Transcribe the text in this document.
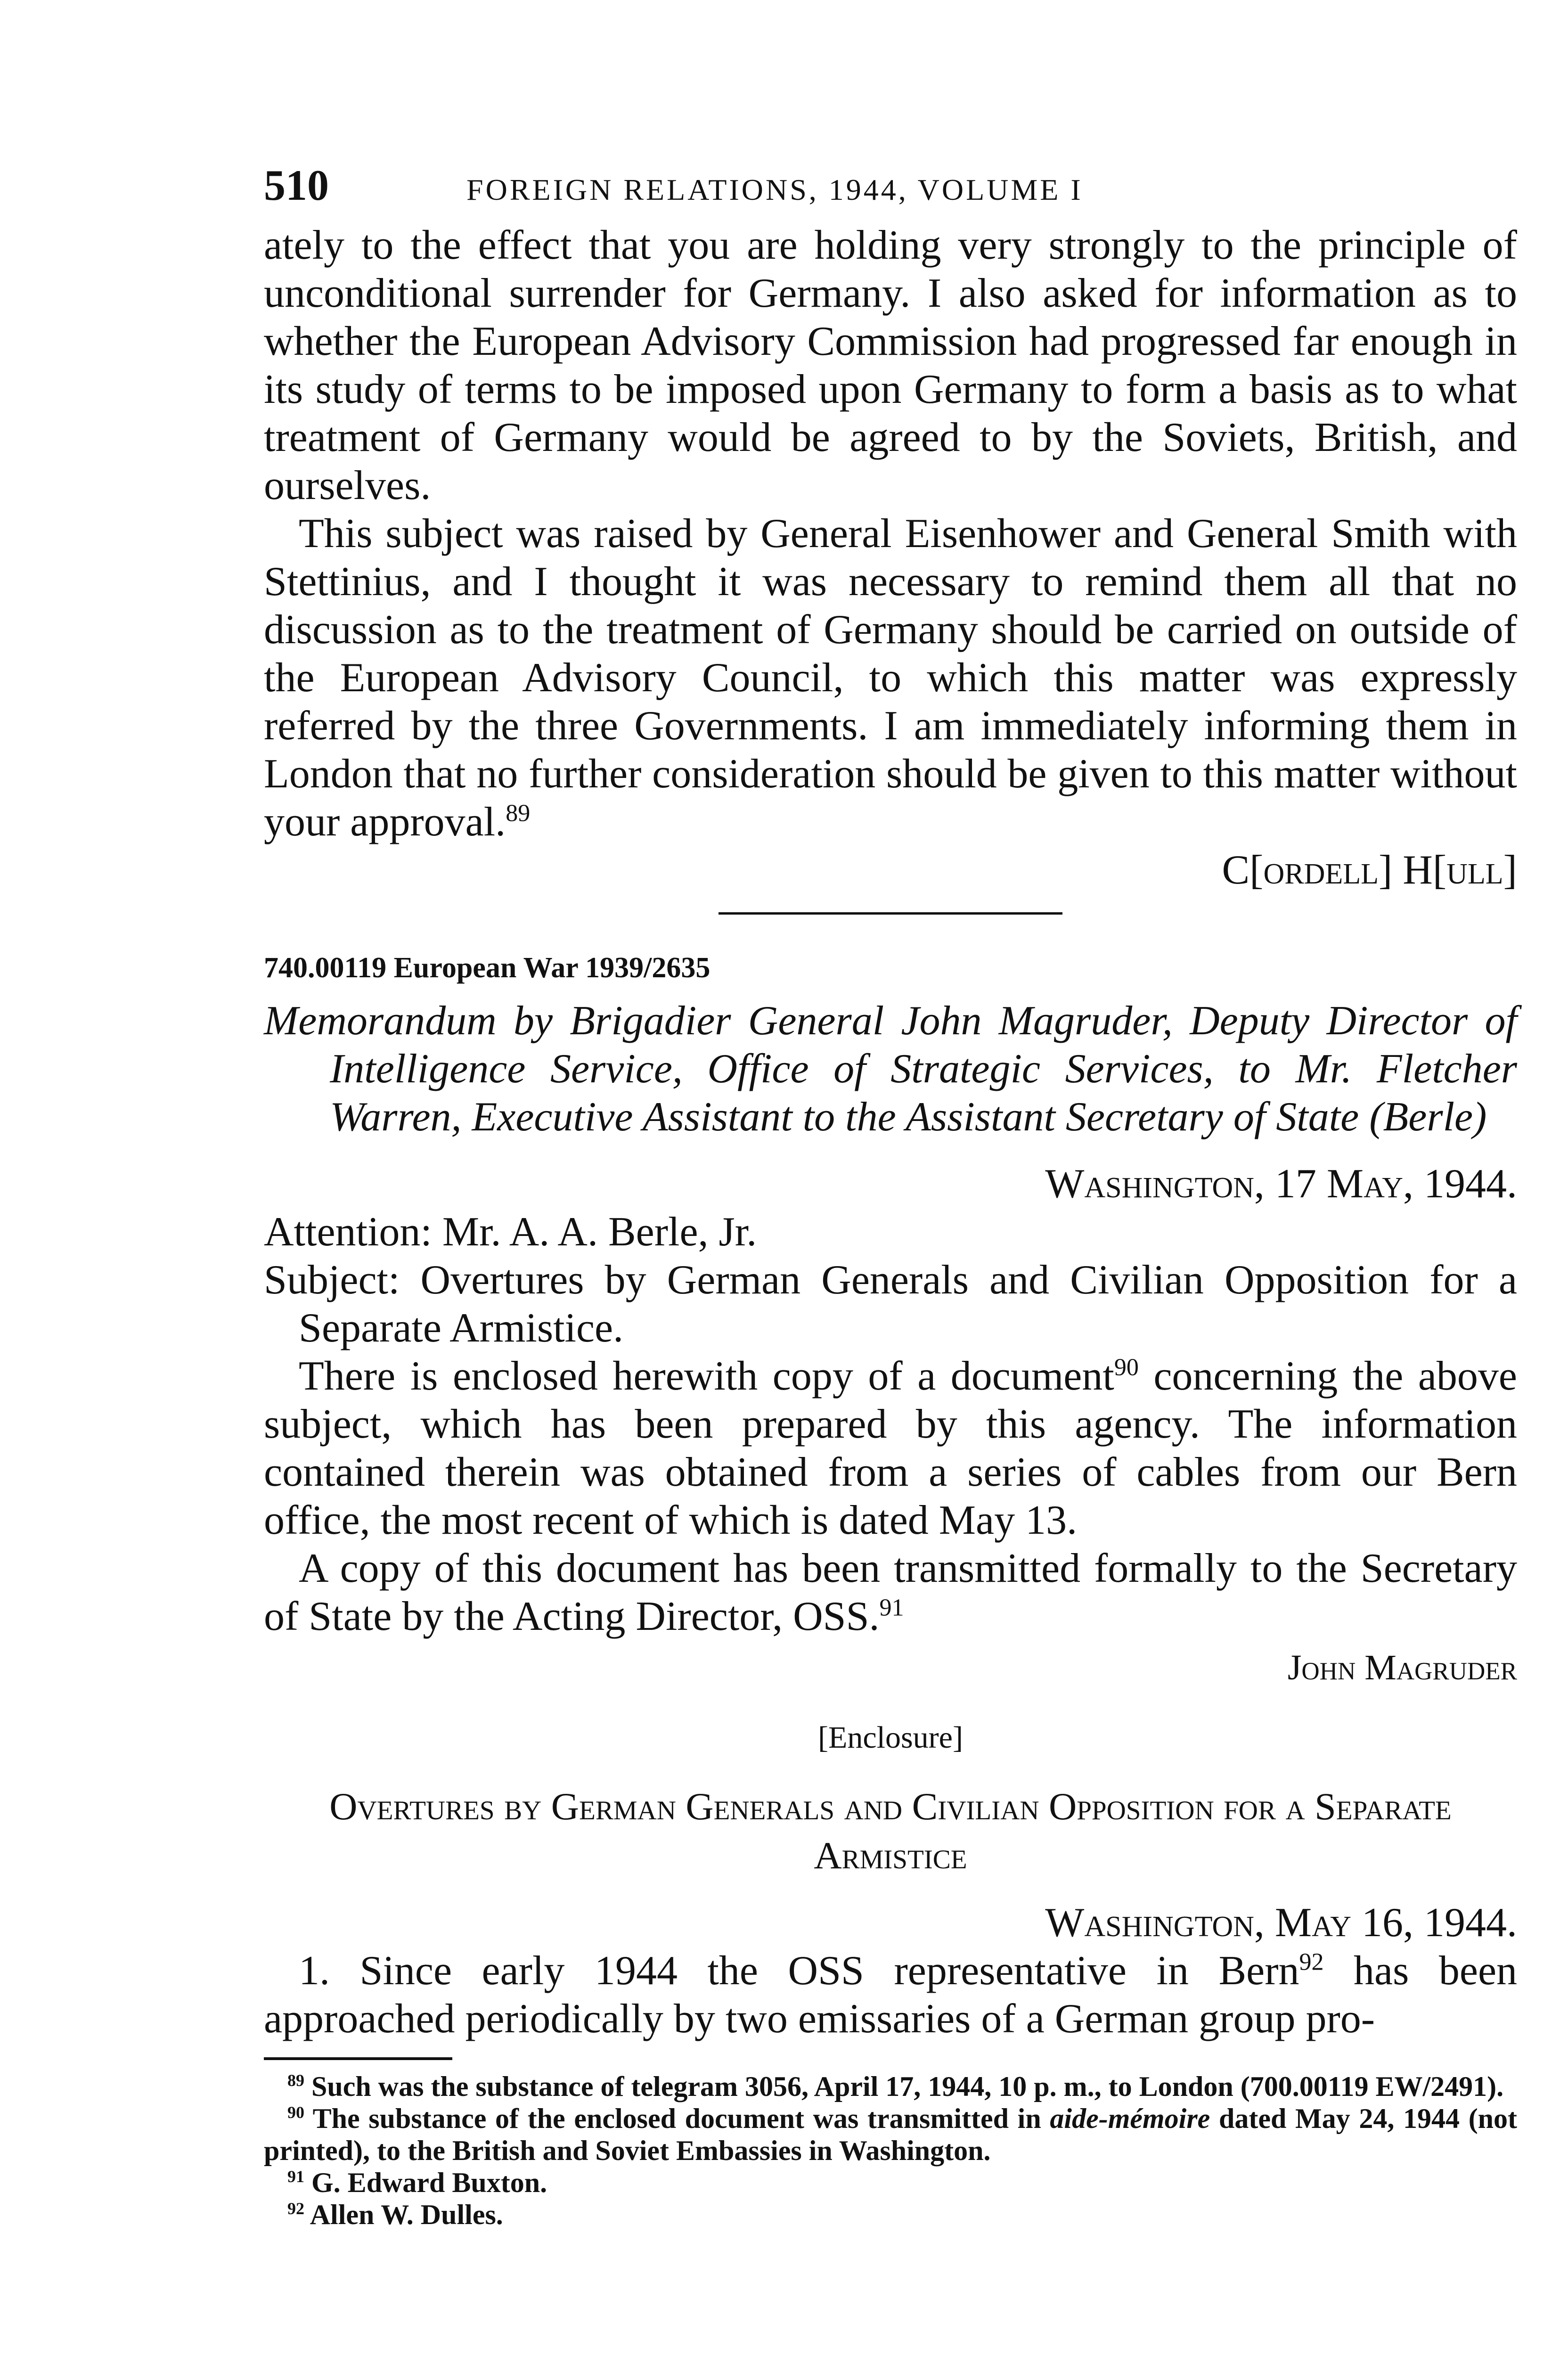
510	FOREIGN RELATIONS, 1944, VOLUME I

ately to the effect that you are holding very strongly to the principle of unconditional surrender for Germany. I also asked for information as to whether the European Advisory Commission had progressed far enough in its study of terms to be imposed upon Germany to form a basis as to what treatment of Germany would be agreed to by the Soviets, British, and ourselves.

This subject was raised by General Eisenhower and General Smith with Stettinius, and I thought it was necessary to remind them all that no discussion as to the treatment of Germany should be carried on outside of the European Advisory Council, to which this matter was expressly referred by the three Governments. I am immediately informing them in London that no further consideration should be given to this matter without your approval.$^{89}$

C[ordell] H[ull]

740.00119 European War 1939/2635

Memorandum by Brigadier General John Magruder, Deputy Director of Intelligence Service, Office of Strategic Services, to Mr. Fletcher Warren, Executive Assistant to the Assistant Secretary of State (Berle)

Washington, 17 May, 1944.

Attention: Mr. A. A. Berle, Jr.

Subject: Overtures by German Generals and Civilian Opposition for a Separate Armistice.

There is enclosed herewith copy of a document$^{90}$ concerning the above subject, which has been prepared by this agency. The information contained therein was obtained from a series of cables from our Bern office, the most recent of which is dated May 13.

A copy of this document has been transmitted formally to the Secretary of State by the Acting Director, OSS.$^{91}$

John Magruder

[Enclosure]
Overtures by German Generals and Civilian Opposition for a Separate Armistice

Washington, May 16, 1944.

1. Since early 1944 the OSS representative in Bern$^{92}$ has been approached periodically by two emissaries of a German group pro-

$^{89}$ Such was the substance of telegram 3056, April 17, 1944, 10 p. m., to London (700.00119 EW/2491).

$^{90}$ The substance of the enclosed document was transmitted in aide-mémoire dated May 24, 1944 (not printed), to the British and Soviet Embassies in Washington.

$^{91}$ G. Edward Buxton.

$^{92}$ Allen W. Dulles.
